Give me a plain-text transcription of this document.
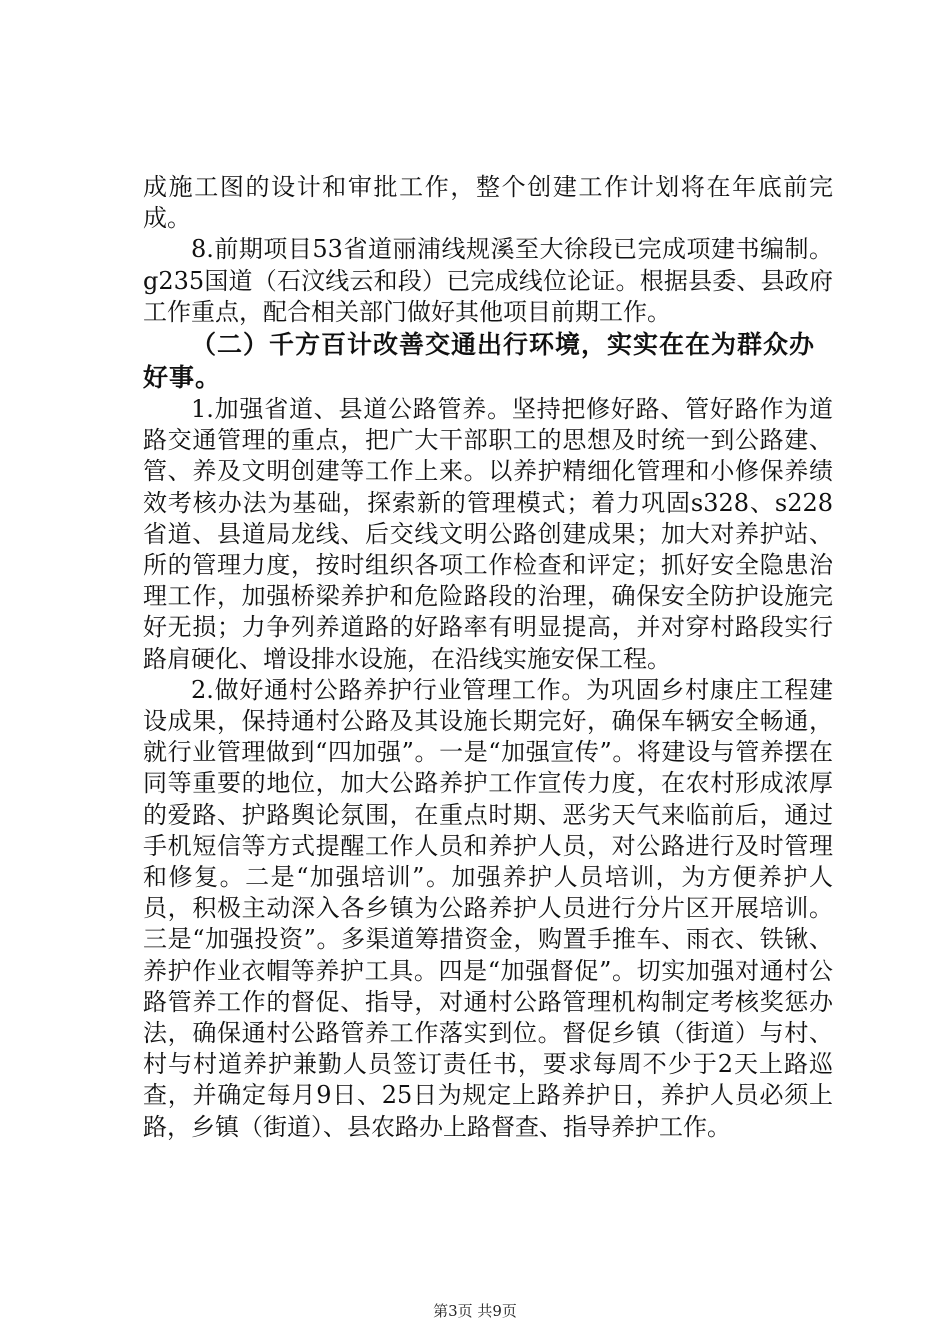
成施工图的设计和审批工作，整个创建工作计划将在年底前完成。

8.前期项目53省道丽浦线规溪至大徐段已完成项建书编制。g235国道（石汶线云和段）已完成线位论证。根据县委、县政府工作重点，配合相关部门做好其他项目前期工作。

（二）千方百计改善交通出行环境，实实在在为群众办好事。

1.加强省道、县道公路管养。坚持把修好路、管好路作为道路交通管理的重点，把广大干部职工的思想及时统一到公路建、管、养及文明创建等工作上来。以养护精细化管理和小修保养绩效考核办法为基础，探索新的管理模式；着力巩固s328、s228省道、县道局龙线、后交线文明公路创建成果；加大对养护站、所的管理力度，按时组织各项工作检查和评定；抓好安全隐患治理工作，加强桥梁养护和危险路段的治理，确保安全防护设施完好无损；力争列养道路的好路率有明显提高，并对穿村路段实行路肩硬化、增设排水设施，在沿线实施安保工程。

2.做好通村公路养护行业管理工作。为巩固乡村康庄工程建设成果，保持通村公路及其设施长期完好，确保车辆安全畅通，就行业管理做到“四加强”。一是“加强宣传”。将建设与管养摆在同等重要的地位，加大公路养护工作宣传力度，在农村形成浓厚的爱路、护路舆论氛围，在重点时期、恶劣天气来临前后，通过手机短信等方式提醒工作人员和养护人员，对公路进行及时管理和修复。二是“加强培训”。加强养护人员培训，为方便养护人员，积极主动深入各乡镇为公路养护人员进行分片区开展培训。三是“加强投资”。多渠道筹措资金，购置手推车、雨衣、铁锹、养护作业衣帽等养护工具。四是“加强督促”。切实加强对通村公路管养工作的督促、指导，对通村公路管理机构制定考核奖惩办法，确保通村公路管养工作落实到位。督促乡镇（街道）与村、村与村道养护兼勤人员签订责任书，要求每周不少于2天上路巡查，并确定每月9日、25日为规定上路养护日，养护人员必须上路，乡镇（街道）、县农路办上路督查、指导养护工作。

第3页 共9页
